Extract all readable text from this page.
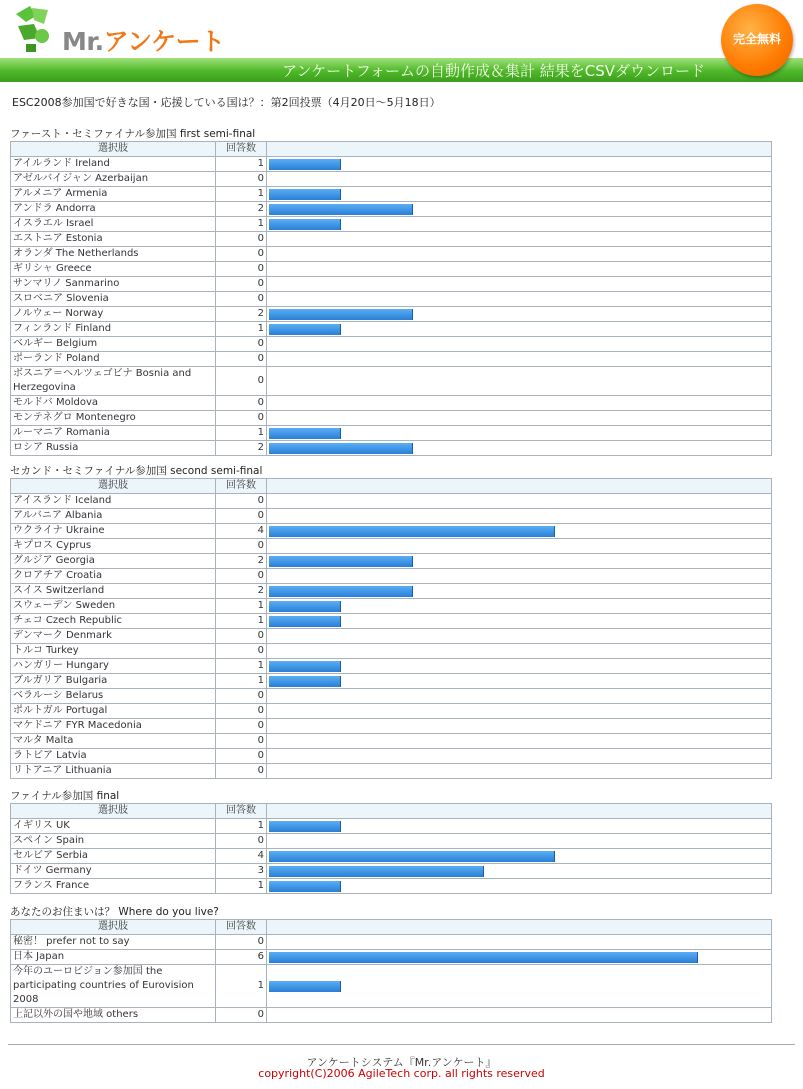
Mr.アンケート
アンケートフォームの自動作成＆集計 結果をCSVダウンロード
完全無料
ESC2008参加国で好きな国・応援している国は？：第2回投票（4月20日～5月18日）
ファースト・セミファイナル参加国 first semi-final
選択肢	回答数	
アイルランド Ireland	1	

アゼルバイジャン Azerbaijan	0	
アルメニア Armenia	1	

アンドラ Andorra	2	

イスラエル Israel	1	

エストニア Estonia	0	
オランダ The Netherlands	0	
ギリシャ Greece	0	
サンマリノ Sanmarino	0	
スロベニア Slovenia	0	
ノルウェー Norway	2	

フィンランド Finland	1	

ベルギー Belgium	0	
ポーランド Poland	0	
ボスニア＝ヘルツェゴビナ Bosnia and Herzegovina	0	
モルドバ Moldova	0	
モンテネグロ Montenegro	0	
ルーマニア Romania	1	

ロシア Russia	2	
セカンド・セミファイナル参加国 second semi-final
選択肢	回答数	
アイスランド Iceland	0	
アルバニア Albania	0	
ウクライナ Ukraine	4	

キプロス Cyprus	0	
グルジア Georgia	2	

クロアチア Croatia	0	
スイス Switzerland	2	

スウェーデン Sweden	1	

チェコ Czech Republic	1	

デンマーク Denmark	0	
トルコ Turkey	0	
ハンガリー Hungary	1	

ブルガリア Bulgaria	1	

ベラルーシ Belarus	0	
ポルトガル Portugal	0	
マケドニア FYR Macedonia	0	
マルタ Malta	0	
ラトビア Latvia	0	
リトアニア Lithuania	0	
ファイナル参加国 final
選択肢	回答数	
イギリス UK	1	

スペイン Spain	0	
セルビア Serbia	4	

ドイツ Germany	3	

フランス France	1	
あなたのお住まいは？ Where do you live?
選択肢	回答数	
秘密！ prefer not to say	0	
日本 Japan	6	

今年のユーロビジョン参加国 the participating countries of Eurovision 2008	1	

上記以外の国や地域 others	0	
アンケートシステム『Mr.アンケート』
copyright(C)2006 AgileTech corp. all rights reserved
